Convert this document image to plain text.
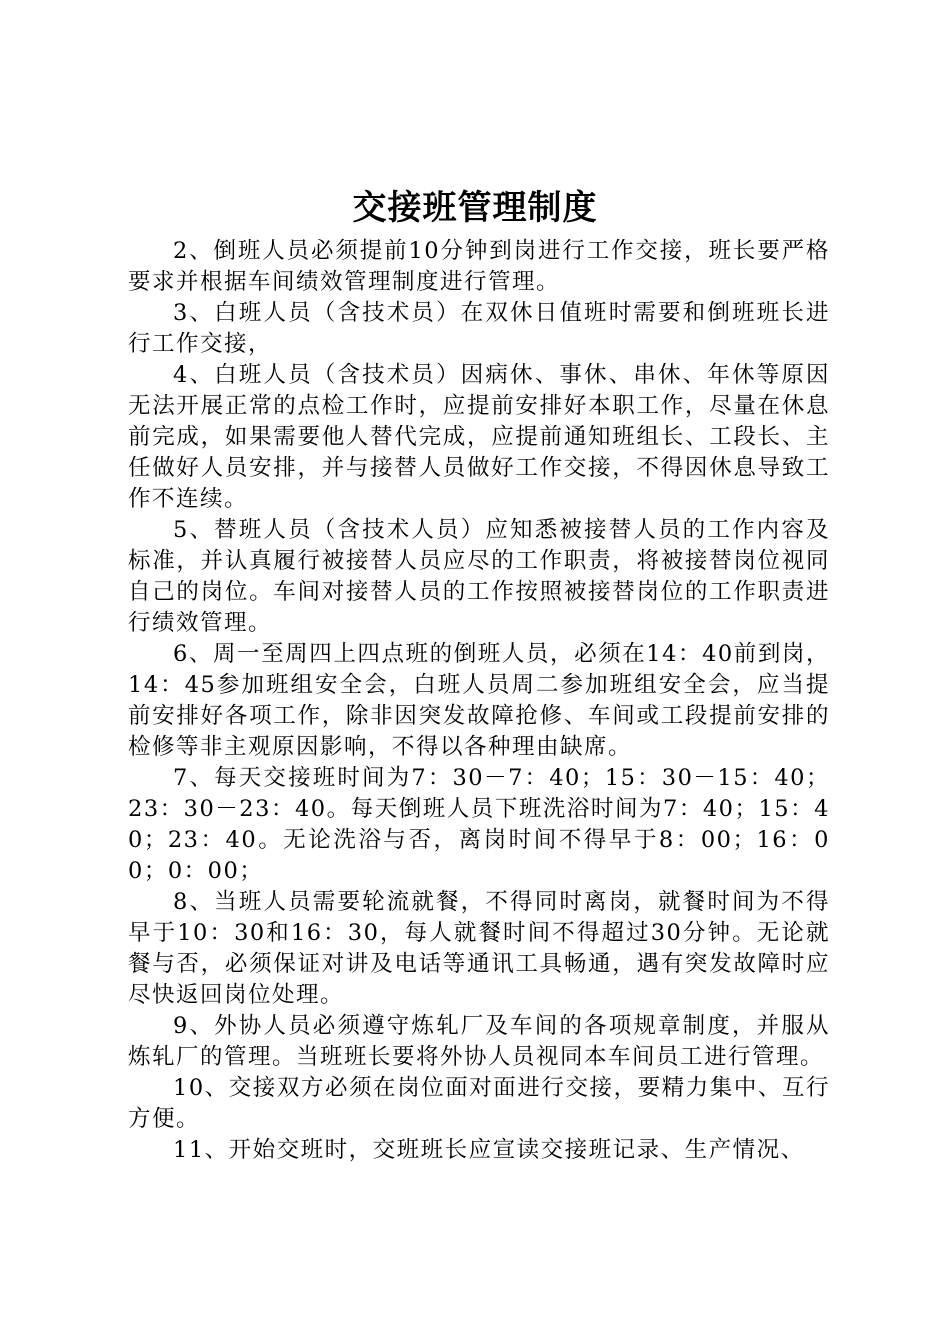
交接班管理制度

2、倒班人员必须提前10分钟到岗进行工作交接，班长要严格要求并根据车间绩效管理制度进行管理。

3、白班人员（含技术员）在双休日值班时需要和倒班班长进行工作交接，

4、白班人员（含技术员）因病休、事休、串休、年休等原因无法开展正常的点检工作时，应提前安排好本职工作，尽量在休息前完成，如果需要他人替代完成，应提前通知班组长、工段长、主任做好人员安排，并与接替人员做好工作交接，不得因休息导致工作不连续。

5、替班人员（含技术人员）应知悉被接替人员的工作内容及标准，并认真履行被接替人员应尽的工作职责，将被接替岗位视同自己的岗位。车间对接替人员的工作按照被接替岗位的工作职责进行绩效管理。

6、周一至周四上四点班的倒班人员，必须在14：40前到岗，14：45参加班组安全会，白班人员周二参加班组安全会，应当提前安排好各项工作，除非因突发故障抢修、车间或工段提前安排的检修等非主观原因影响，不得以各种理由缺席。

7、每天交接班时间为7：30－7：40；15：30－15：40；23：30－23：40。每天倒班人员下班洗浴时间为7：40；15：40；23：40。无论洗浴与否，离岗时间不得早于8：00；16：00；0：00；

8、当班人员需要轮流就餐，不得同时离岗，就餐时间为不得早于10：30和16：30，每人就餐时间不得超过30分钟。无论就餐与否，必须保证对讲及电话等通讯工具畅通，遇有突发故障时应尽快返回岗位处理。

9、外协人员必须遵守炼轧厂及车间的各项规章制度，并服从炼轧厂的管理。当班班长要将外协人员视同本车间员工进行管理。

10、交接双方必须在岗位面对面进行交接，要精力集中、互行方便。

11、开始交班时，交班班长应宣读交接班记录、生产情况、
